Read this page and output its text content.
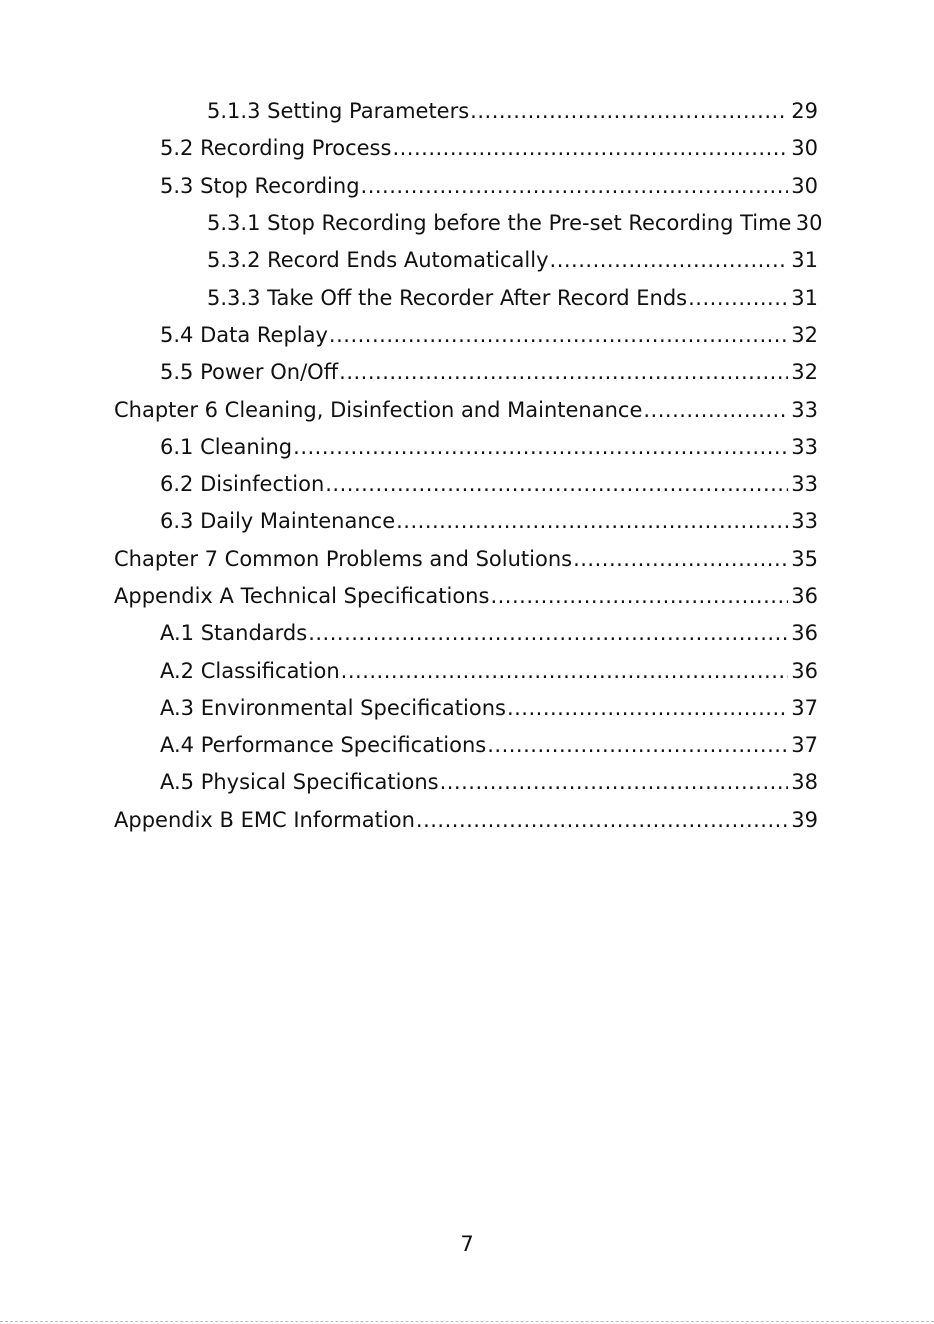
5.1.3 Setting Parameters .....	29
5.2 Recording Process .....	30
5.3 Stop Recording .....	30
5.3.1 Stop Recording before the Pre-set Recording Time 30
5.3.2 Record Ends Automatically .....	31
5.3.3 Take Off the Recorder After Record Ends .....	31
5.4 Data Replay .....	32
5.5 Power On/Off .....	32
Chapter 6 Cleaning, Disinfection and Maintenance .....	33
6.1 Cleaning .....	33
6.2 Disinfection .....	33
6.3 Daily Maintenance .....	33
Chapter 7 Common Problems and Solutions .....	35
Appendix A Technical Specifications .....	36
A.1 Standards .....	36
A.2 Classification .....	36
A.3 Environmental Specifications .....	37
A.4 Performance Specifications .....	37
A.5 Physical Specifications .....	38
Appendix B EMC Information .....	39
7
